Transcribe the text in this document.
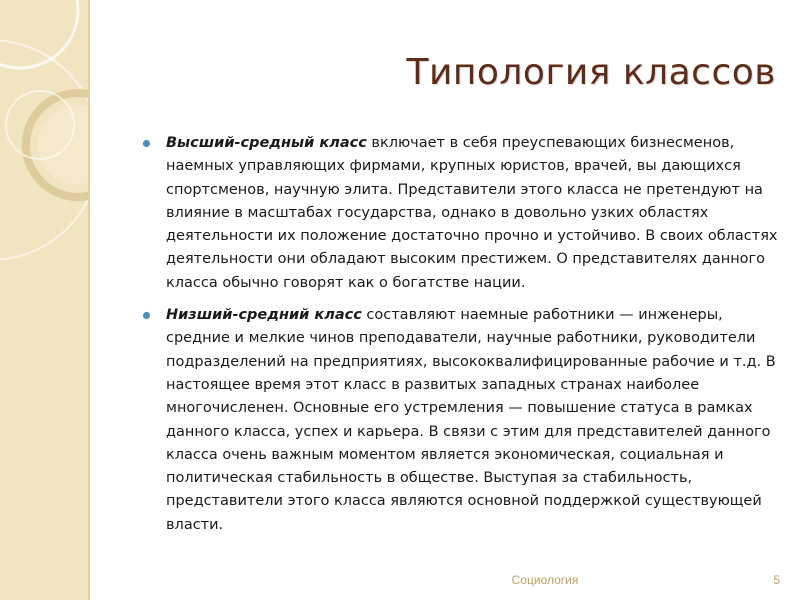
Типология классов
Высший-средный класс включает в себя преуспевающих бизнесменов, наемных управляющих фирмами, крупных юристов, врачей, вы дающихся спортсменов, научную элита. Представители этого класса не претендуют на влияние в масштабах государства, однако в довольно узких областях деятельности их положение достаточно прочно и устойчиво. В своих областях деятельности они обладают высоким престижем. О представителях данного класса обычно говорят как о богатстве нации.
Низший-средний класс составляют наемные работники — инженеры, средние и мелкие чинов преподаватели, научные работники, руководители подразделений на предприятиях, высококвалифицированные рабочие и т.д. В настоящее время этот класс в развитых западных странах наиболее многочисленен. Основные его устремления — повышение статуса в рамках данного класса, успех и карьера. В связи с этим для представителей данного класса очень важным моментом является экономическая, социальная и политическая стабильность в обществе. Выступая за стабильность, представители этого класса являются основной поддержкой существующей власти.
Социология	5
